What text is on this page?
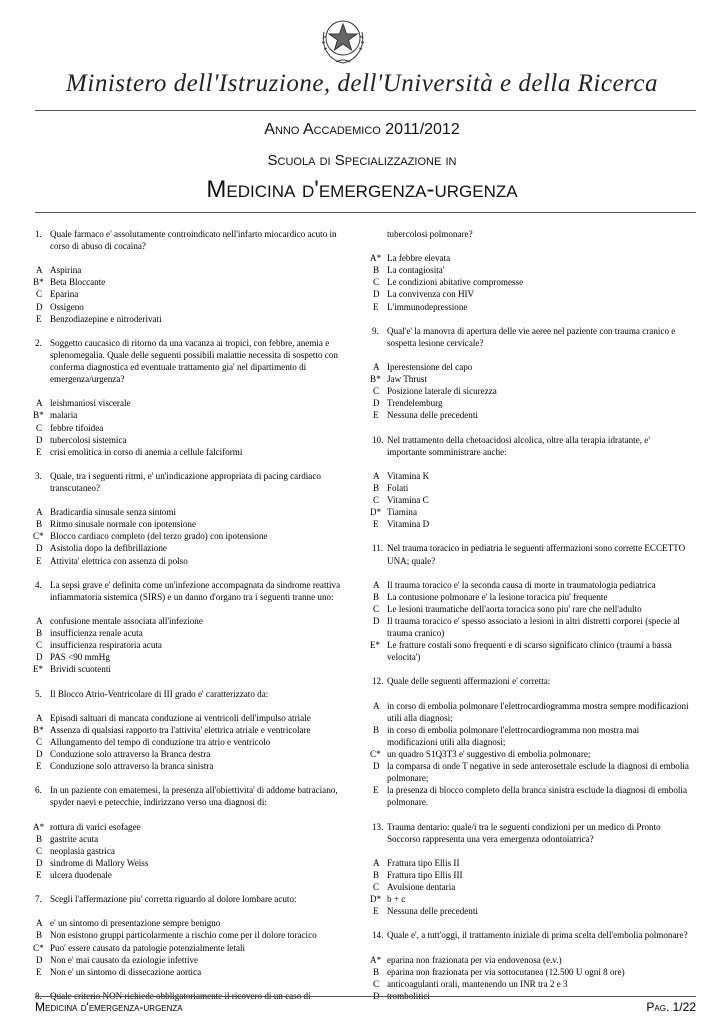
Ministero dell'Istruzione, dell'Università e della Ricerca
Anno Accademico 2011/2012
Scuola di Specializzazione in
Medicina d'emergenza-urgenza
1. Quale farmaco e' assolutamente controindicato nell'infarto miocardico acuto in corso di abuso di cocaina?
A Aspirina
B* Beta Bloccante
C Eparina
D Ossigeno
E Benzodiazepine e nitroderivati
2. Soggetto caucasico di ritorno da una vacanza ai tropici, con febbre, anemia e splenomegalia. Quale delle seguenti possibili malattie necessita di sospetto con conferma diagnostica ed eventuale trattamento gia' nel dipartimento di emergenza/urgenza?
A leishmaniosi viscerale
B* malaria
C febbre tifoidea
D tubercolosi sistemica
E crisi emolitica in corso di anemia a cellule falciformi
3. Quale, tra i seguenti ritmi, e' un'indicazione appropriata di pacing cardiaco transcutaneo?
A Bradicardia sinusale senza sintomi
B Ritmo sinusale normale con ipotensione
C* Blocco cardiaco completo (del terzo grado) con ipotensione
D Asistolia dopo la defibrillazione
E Attivita' elettrica con assenza di polso
4. La sepsi grave e' definita come un'infezione accompagnata da sindrome reattiva infiammatoria sistemica (SIRS) e un danno d'organo tra i seguenti tranne uno:
A confusione mentale associata all'infezione
B insufficienza renale acuta
C insufficienza respiratoria acuta
D PAS <90 mmHg
E* Brividi scuotenti
5. Il Blocco Atrio-Ventricolare di III grado e' caratterizzato da:
A Episodi saltuari di mancata conduzione ai ventricoli dell'impulso atriale
B* Assenza di qualsiasi rapporto tra l'attivita' elettrica atriale e ventricolare
C Allungamento del tempo di conduzione tra atrio e ventricolo
D Conduzione solo attraverso la Branca destra
E Conduzione solo attraverso la branca sinistra
6. In un paziente con ematemesi, la presenza all'obiettivita' di addome batraciano, spyder naevi e petecchie, indirizzano verso una diagnosi di:
A* rottura di varici esofagee
B gastrite acuta
C neoplasia gastrica
D sindrome di Mallory Weiss
E ulcera duodenale
7. Scegli l'affermazione piu' corretta riguardo al dolore lombare acuto:
A e' un sintomo di presentazione sempre benigno
B Non esistono gruppi particolarmente a rischio come per il dolore toracico
C* Puo' essere causato da patologie potenzialmente letali
D Non e' mai causato da eziologie infettive
E Non e' un sintomo di dissecazione aortica
8. Quale criterio NON richiede obbligatoriamente il ricovero di un caso di
tubercolosi polmonare?
A* La febbre elevata
B La contagiosita'
C Le condizioni abitative compromesse
D La convivenza con HIV
E L'immunodepressione
9. Qual'e' la manovra di apertura delle vie aeree nel paziente con trauma cranico e sospetta lesione cervicale?
A Iperestensione del capo
B* Jaw Thrust
C Posizione laterale di sicurezza
D Trendelemburg
E Nessuna delle precedenti
10. Nel trattamento della chetoacidosi alcolica, oltre alla terapia idratante, e' importante somministrare anche:
A Vitamina K
B Folati
C Vitamina C
D* Tiamina
E Vitamina D
11. Nel trauma toracico in pediatria le seguenti affermazioni sono corrette ECCETTO UNA; quale?
A Il trauma toracico e' la seconda causa di morte in traumatologia pediatrica
B La contusione polmonare e' la lesione toracica piu' frequente
C Le lesioni traumatiche dell'aorta toracica sono piu' rare che nell'adulto
D Il trauma toracico e' spesso associato a lesioni in altri distretti corporei (specie al trauma cranico)
E* Le fratture costali sono frequenti e di scarso significato clinico (traumi a bassa velocita')
12. Quale delle seguenti affermazioni e' corretta:
A in corso di embolia polmonare l'elettrocardiogramma mostra sempre modificazioni utili alla diagnosi;
B in corso di embolia polmonare l'elettrocardiogramma non mostra mai modificazioni utili alla diagnosi;
C* un quadro S1Q3T3 e' suggestivo di embolia polmonare;
D la comparsa di onde T negative in sede anterosettale esclude la diagnosi di embolia polmonare;
E la presenza di blocco completo della branca sinistra esclude la diagnosi di embolia polmonare.
13. Trauma dentario: quale/i tra le seguenti condizioni per un medico di Pronto Soccorso rappresenta una vera emergenza odontoiatrica?
A Frattura tipo Ellis II
B Frattura tipo Ellis III
C Avulsione dentaria
D* b + c
E Nessuna delle precedenti
14. Quale e', a tutt'oggi, il trattamento iniziale di prima scelta dell'embolia polmonare?
A* eparina non frazionata per via endovenosa (e.v.)
B eparina non frazionata per via sottocutanea (12.500 U ogni 8 ore)
C anticoagulanti orali, mantenendo un INR tra 2 e 3
D trombolitici
Medicina d'emergenza-urgenza	Pag. 1/22
